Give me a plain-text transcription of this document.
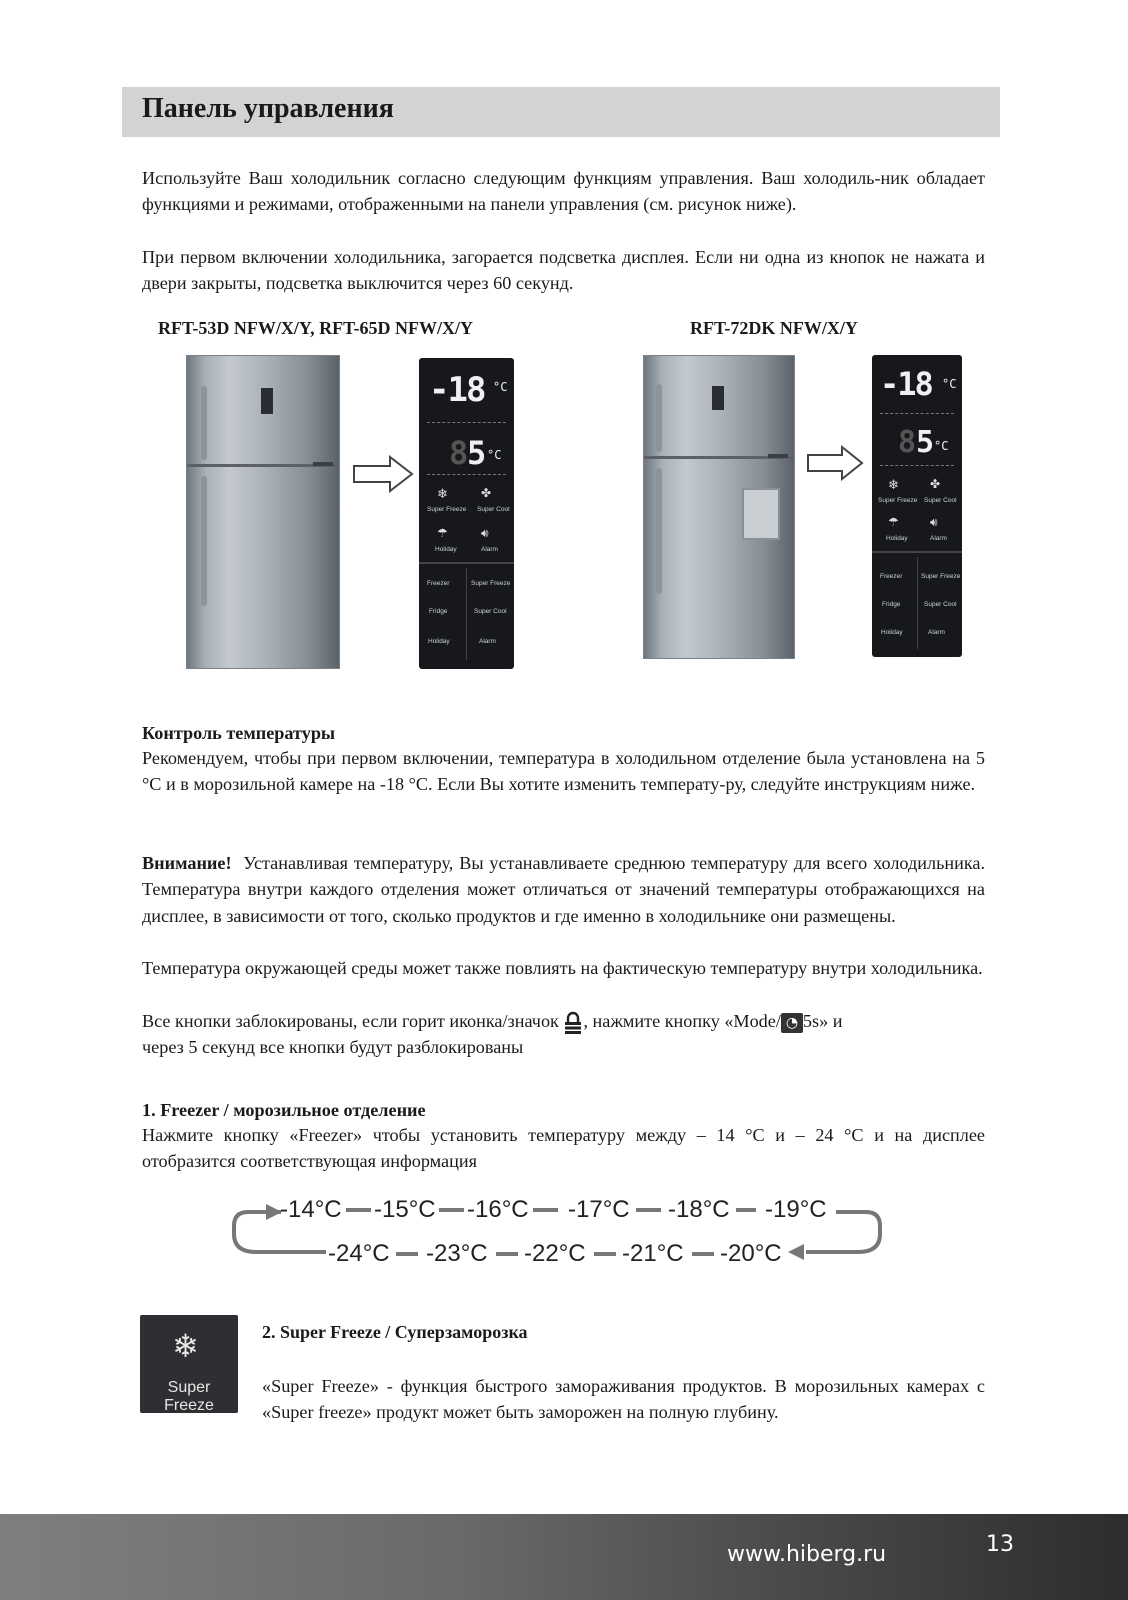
Панель управления
Используйте Ваш холодильник согласно следующим функциям управления. Ваш холодиль-ник обладает функциями и режимами, отображенными на панели управления (см. рисунок ниже).
При первом включении холодильника, загорается подсветка дисплея. Если ни одна из кнопок не нажата и двери закрыты, подсветка выключится через 60 секунд.
RFT-53D NFW/X/Y, RFT-65D NFW/X/Y	RFT-72DK NFW/X/Y
-18 °C
8
5 °C
❄	✤
Super Freeze Super Cool
☂	🔊︎
Holiday	Alarm
Freezer	Super Freeze
Fridge	Super Cool
Holiday	Alarm
-18 °C
8 5 °C
❄	✤
Super Freeze Super Cool
☂	🔊︎
Holiday	Alarm
Freezer	Super Freeze
Fridge	Super Cool
Holiday	Alarm
Контроль температуры
Рекомендуем, чтобы при первом включении, температура в холодильном отделение была установлена на 5 °С и в морозильной камере на -18 °С. Если Вы хотите изменить температу-ру, следуйте инструкциям ниже.
Внимание! Устанавливая температуру, Вы устанавливаете среднюю температуру для всего холодильника. Температура внутри каждого отделения может отличаться от значений температуры отображающихся на дисплее, в зависимости от того, сколько продуктов и где именно в холодильнике они размещены.
Температура окружающей среды может также повлиять на фактическую температуру внутри холодильника.
Все кнопки заблокированы, если горит иконка/значок , нажмите кнопку «Mode/ ◔ 5s» и
через 5 секунд все кнопки будут разблокированы
1. Freezer / морозильное отделение
Нажмите кнопку «Freezer» чтобы установить температуру между – 14 °С и – 24 °С и на дисплее отобразится соответствующая информация
-14°C -15°C -16°C -17°C -18°C -19°C
-24°C -23°C -22°C -21°C -20°C
❄
Super Freeze
2. Super Freeze / Суперзаморозка
«Super Freeze» - функция быстрого замораживания продуктов. В морозильных камерах с «Super freeze» продукт может быть заморожен на полную глубину.
www.hiberg.ru	13
